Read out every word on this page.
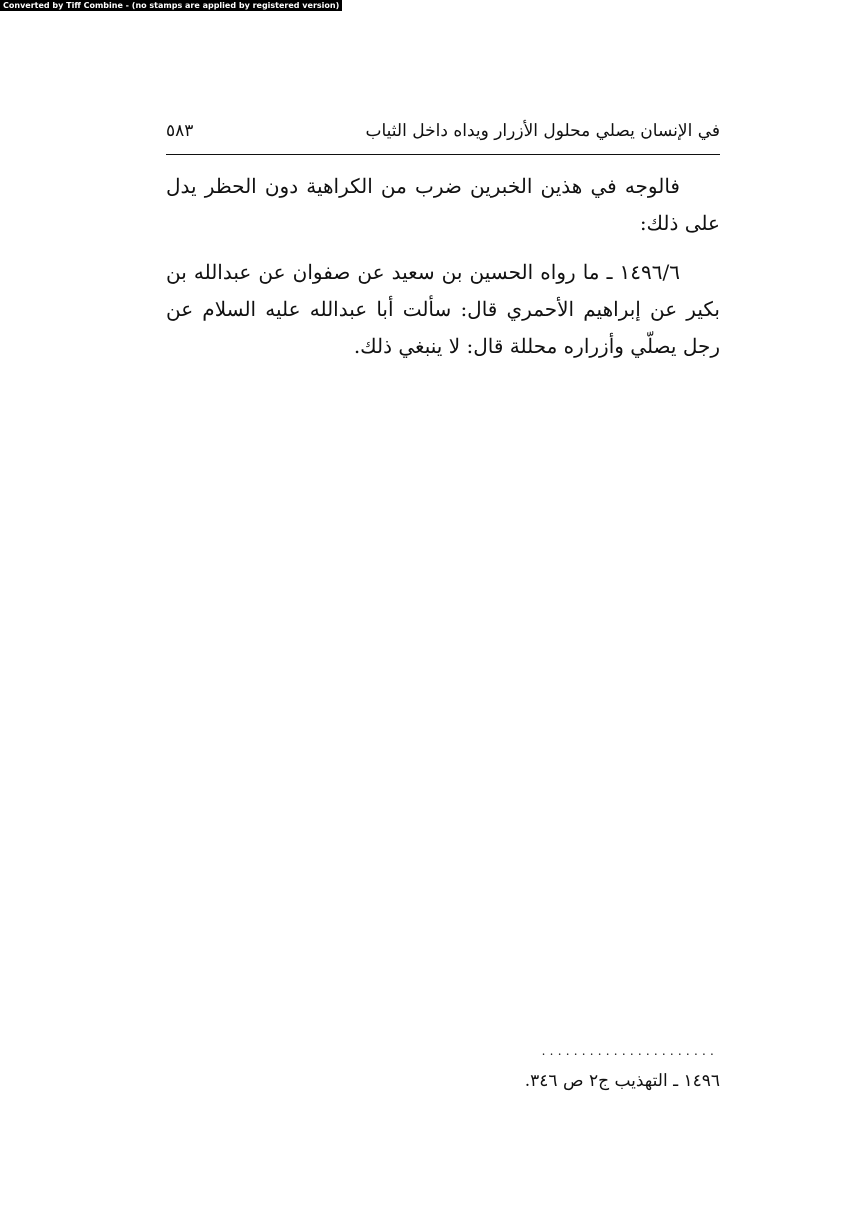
Converted by Tiff Combine - (no stamps are applied by registered version)
في الإنسان يصلي محلول الأزرار ويداه داخل الثياب
٥٨٣

فالوجه في هذين الخبرين ضرب من الكراهية دون الحظر يدل على ذلك:

١٤٩٦/٦ ـ ما رواه الحسين بن سعيد عن صفوان عن عبدالله بن بكير عن إبراهيم الأحمري قال: سألت أبا عبدالله عليه السلام عن رجل يصلّي وأزراره محللة قال: لا ينبغي ذلك.

......................
١٤٩٦ ـ التهذيب ج٢ ص ٣٤٦.
